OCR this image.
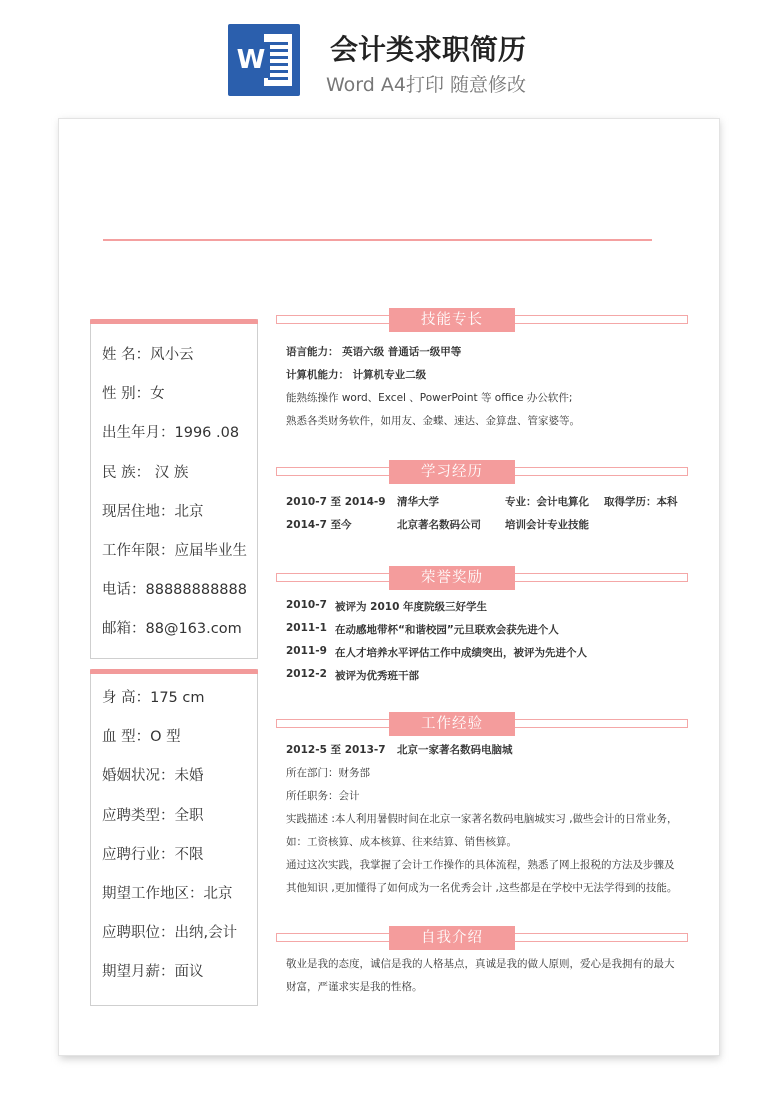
W 会计类求职简历
Word A4打印 随意修改
姓 名：风小云
性 别：女
出生年月：1996 .08
民 族： 汉 族
现居住地：北京
工作年限：应届毕业生
电话：88888888888
邮箱：88@163.com
身 高：175 cm
血 型：O 型
婚姻状况：未婚
应聘类型：全职
应聘行业：不限
期望工作地区：北京
应聘职位：出纳,会计
期望月薪：面议
技能专长
语言能力： 英语六级 普通话一级甲等
计算机能力： 计算机专业二级
能熟练操作 word、Excel 、PowerPoint 等 office 办公软件;
熟悉各类财务软件，如用友、金蝶、速达、金算盘、管家婆等。
学习经历
2010-7 至 2014-9 清华大学	专业：会计电算化 取得学历：本科
2014-7 至今	北京著名数码公司 培训会计专业技能
荣誉奖励
2010-7 被评为 2010 年度院级三好学生
2011-1 在动感地带杯“和谐校园”元旦联欢会获先进个人
2011-9 在人才培养水平评估工作中成绩突出，被评为先进个人
2012-2 被评为优秀班干部
工作经验
2012-5 至 2013-7 北京一家著名数码电脑城
所在部门：财务部
所任职务：会计
实践描述 :本人利用暑假时间在北京一家著名数码电脑城实习 ,做些会计的日常业务，
如：工资核算、成本核算、往来结算、销售核算。
通过这次实践，我掌握了会计工作操作的具体流程，熟悉了网上报税的方法及步骤及
其他知识 ,更加懂得了如何成为一名优秀会计 ,这些都是在学校中无法学得到的技能。
自我介绍
敬业是我的态度，诚信是我的人格基点，真诚是我的做人原则，爱心是我拥有的最大
财富，严谨求实是我的性格。
